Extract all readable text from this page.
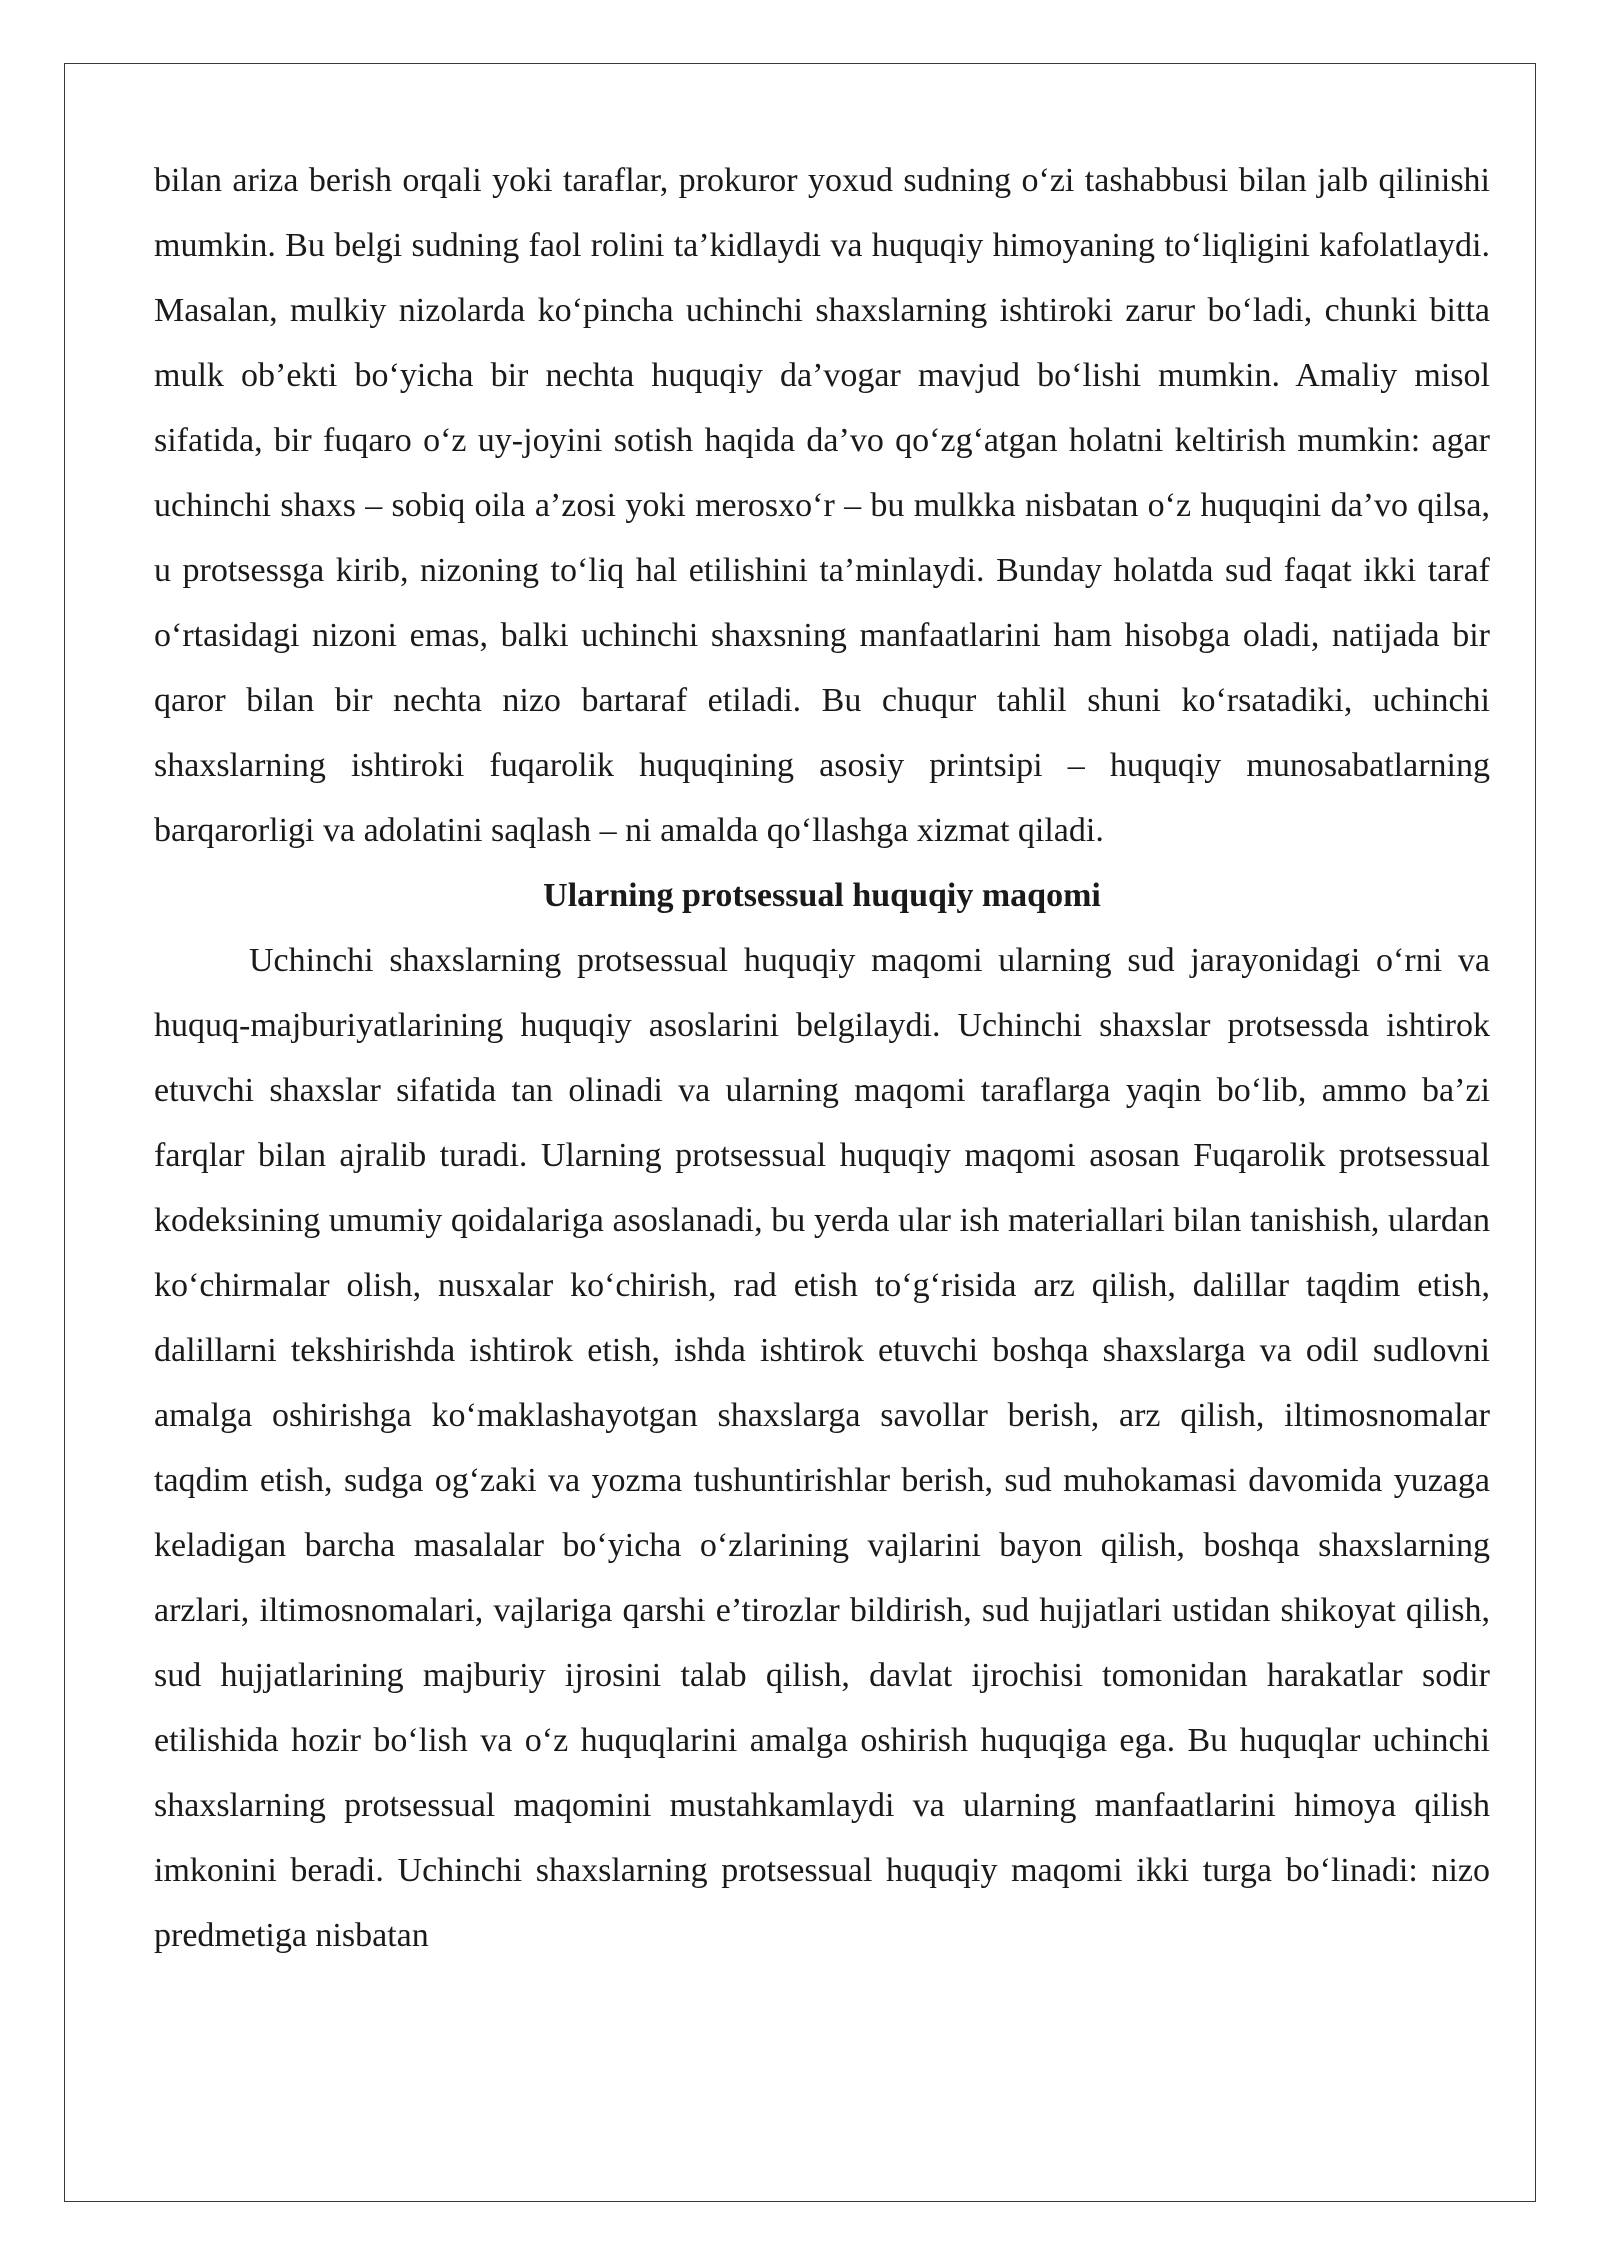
bilan ariza berish orqali yoki taraflar, prokuror yoxud sudning o‘zi tashabbusi bilan jalb qilinishi mumkin. Bu belgi sudning faol rolini ta’kidlaydi va huquqiy himoyaning to‘liqligini kafolatlaydi. Masalan, mulkiy nizolarda ko‘pincha uchinchi shaxslarning ishtiroki zarur bo‘ladi, chunki bitta mulk ob’ekti bo‘yicha bir nechta huquqiy da’vogar mavjud bo‘lishi mumkin. Amaliy misol sifatida, bir fuqaro o‘z uy-joyini sotish haqida da’vo qo‘zg‘atgan holatni keltirish mumkin: agar uchinchi shaxs – sobiq oila a’zosi yoki merosxo‘r – bu mulkka nisbatan o‘z huquqini da’vo qilsa, u protsessga kirib, nizoning to‘liq hal etilishini ta’minlaydi. Bunday holatda sud faqat ikki taraf o‘rtasidagi nizoni emas, balki uchinchi shaxsning manfaatlarini ham hisobga oladi, natijada bir qaror bilan bir nechta nizo bartaraf etiladi. Bu chuqur tahlil shuni ko‘rsatadiki, uchinchi shaxslarning ishtiroki fuqarolik huquqining asosiy printsipi – huquqiy munosabatlarning barqarorligi va adolatini saqlash – ni amalda qo‘llashga xizmat qiladi.

Ularning protsessual huquqiy maqomi

Uchinchi shaxslarning protsessual huquqiy maqomi ularning sud jarayonidagi o‘rni va huquq-majburiyatlarining huquqiy asoslarini belgilaydi. Uchinchi shaxslar protsessda ishtirok etuvchi shaxslar sifatida tan olinadi va ularning maqomi taraflarga yaqin bo‘lib, ammo ba’zi farqlar bilan ajralib turadi. Ularning protsessual huquqiy maqomi asosan Fuqarolik protsessual kodeksining umumiy qoidalariga asoslanadi, bu yerda ular ish materiallari bilan tanishish, ulardan ko‘chirmalar olish, nusxalar ko‘chirish, rad etish to‘g‘risida arz qilish, dalillar taqdim etish, dalillarni tekshirishda ishtirok etish, ishda ishtirok etuvchi boshqa shaxslarga va odil sudlovni amalga oshirishga ko‘maklashayotgan shaxslarga savollar berish, arz qilish, iltimosnomalar taqdim etish, sudga og‘zaki va yozma tushuntirishlar berish, sud muhokamasi davomida yuzaga keladigan barcha masalalar bo‘yicha o‘zlarining vajlarini bayon qilish, boshqa shaxslarning arzlari, iltimosnomalari, vajlariga qarshi e’tirozlar bildirish, sud hujjatlari ustidan shikoyat qilish, sud hujjatlarining majburiy ijrosini talab qilish, davlat ijrochisi tomonidan harakatlar sodir etilishida hozir bo‘lish va o‘z huquqlarini amalga oshirish huquqiga ega. Bu huquqlar uchinchi shaxslarning protsessual maqomini mustahkamlaydi va ularning manfaatlarini himoya qilish imkonini beradi. Uchinchi shaxslarning protsessual huquqiy maqomi ikki turga bo‘linadi: nizo predmetiga nisbatan
